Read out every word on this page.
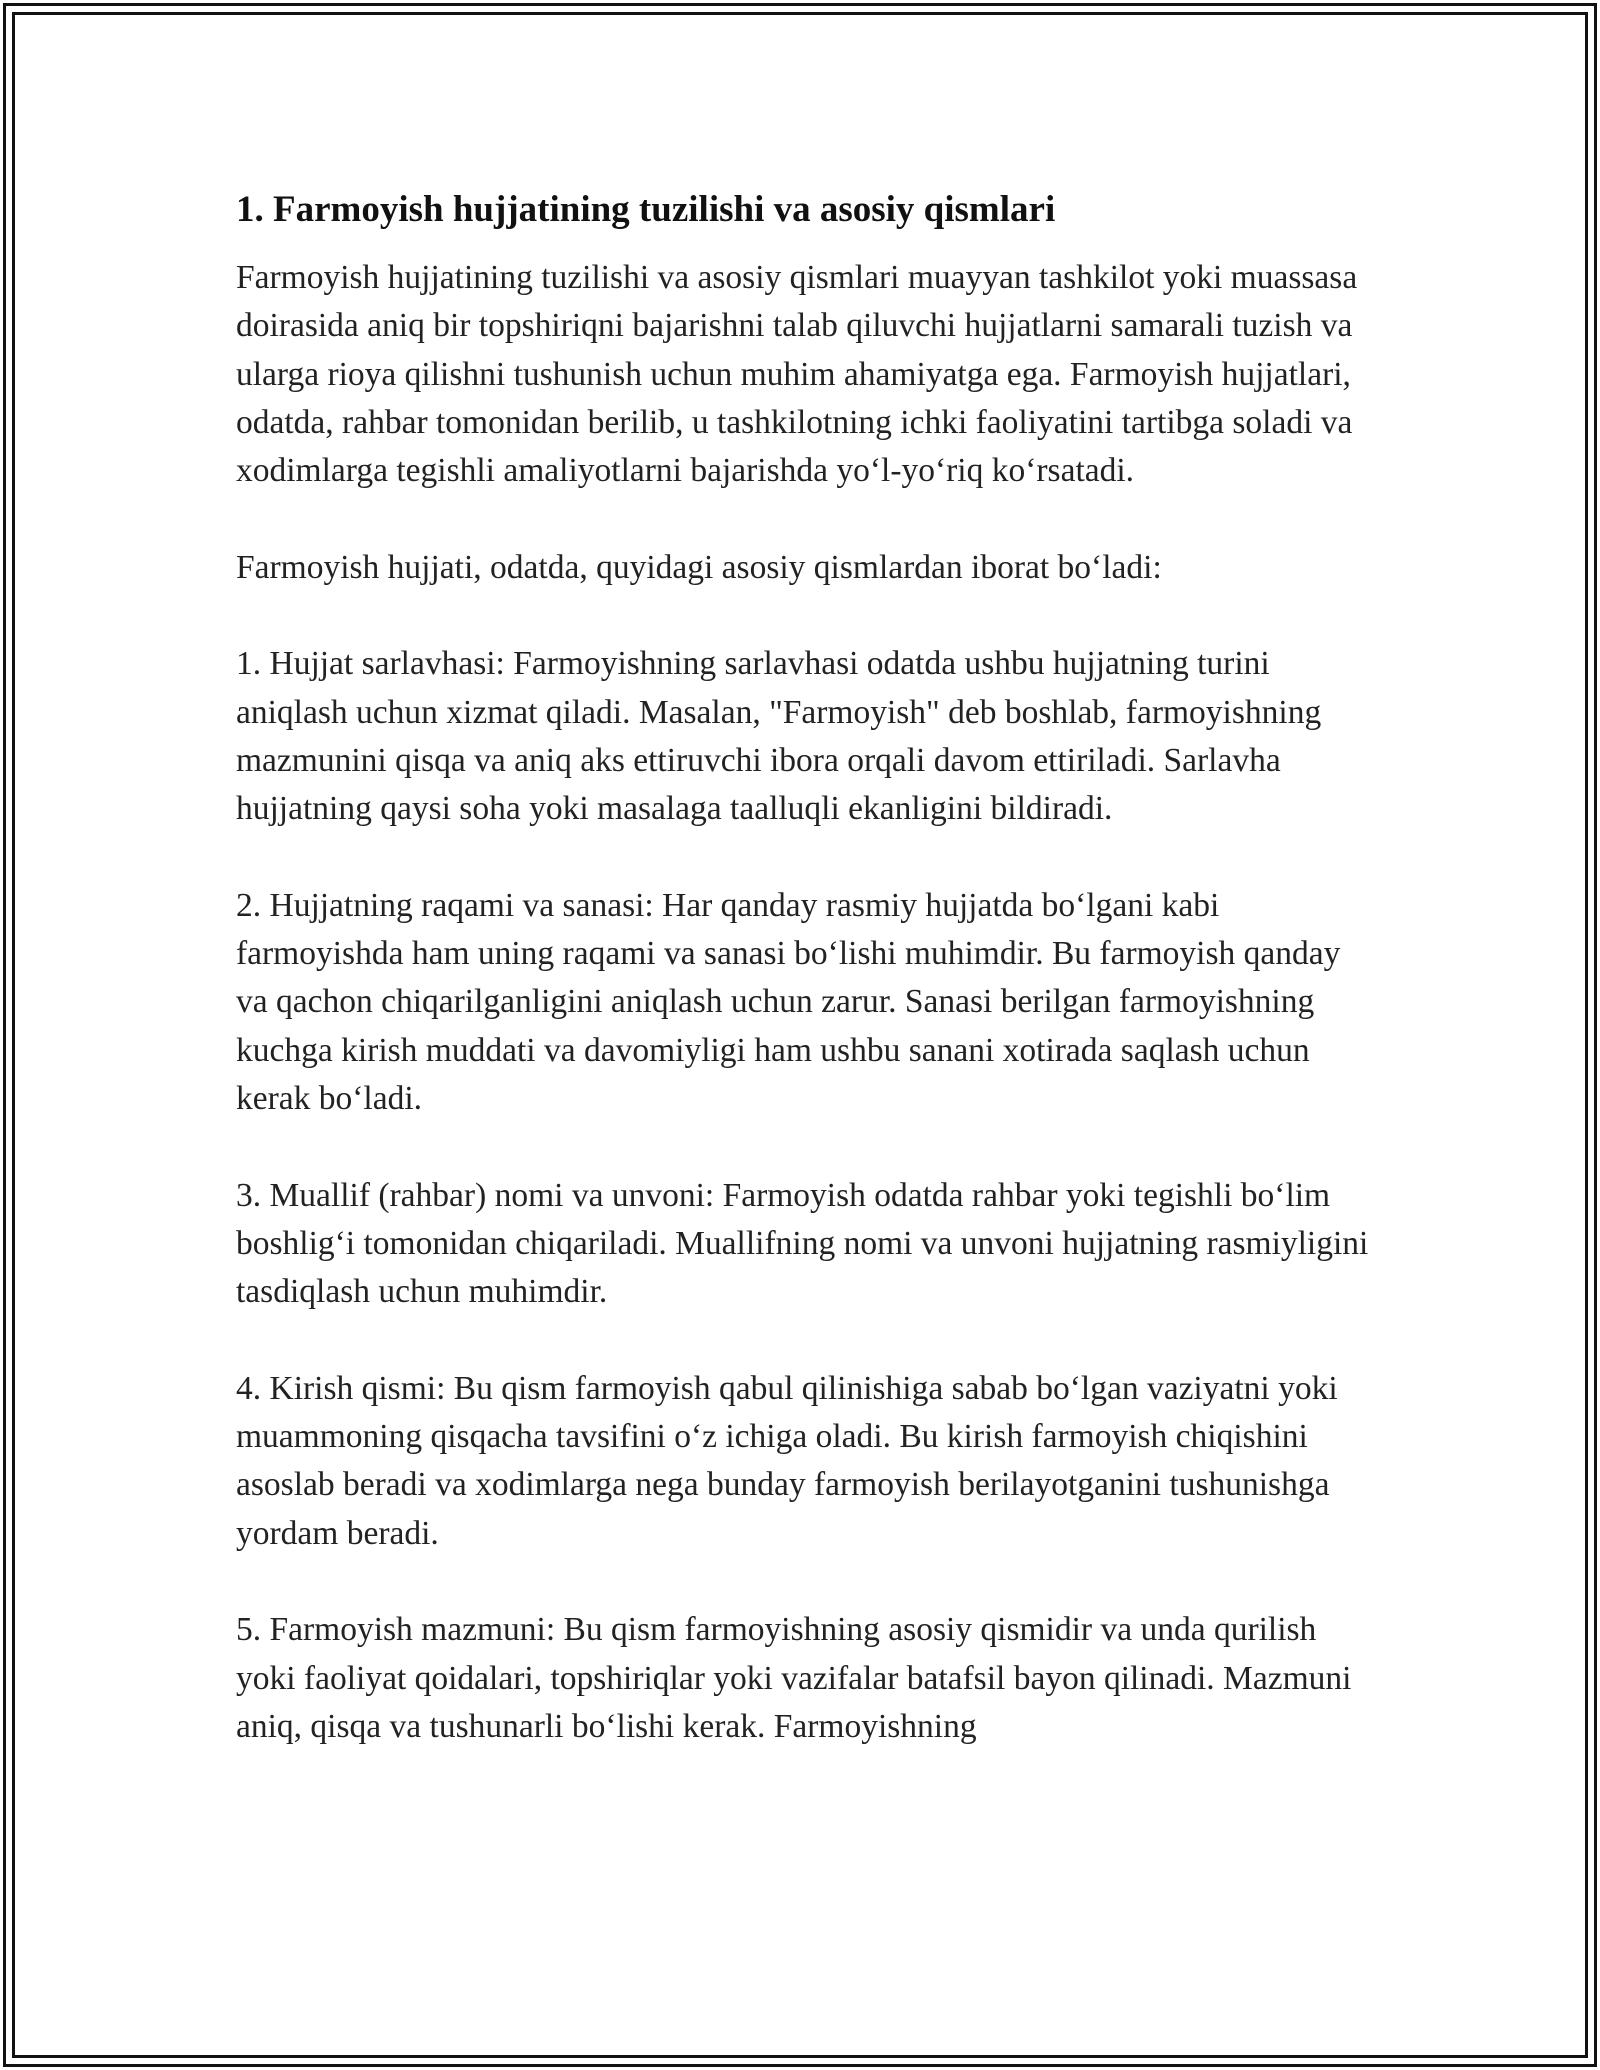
1. Farmoyish hujjatining tuzilishi va asosiy qismlari

Farmoyish hujjatining tuzilishi va asosiy qismlari muayyan tashkilot yoki muassasa doirasida aniq bir topshiriqni bajarishni talab qiluvchi hujjatlarni samarali tuzish va ularga rioya qilishni tushunish uchun muhim ahamiyatga ega. Farmoyish hujjatlari, odatda, rahbar tomonidan berilib, u tashkilotning ichki faoliyatini tartibga soladi va xodimlarga tegishli amaliyotlarni bajarishda yo‘l-yo‘riq ko‘rsatadi.

Farmoyish hujjati, odatda, quyidagi asosiy qismlardan iborat bo‘ladi:

1. Hujjat sarlavhasi: Farmoyishning sarlavhasi odatda ushbu hujjatning turini aniqlash uchun xizmat qiladi. Masalan, "Farmoyish" deb boshlab, farmoyishning mazmunini qisqa va aniq aks ettiruvchi ibora orqali davom ettiriladi. Sarlavha hujjatning qaysi soha yoki masalaga taalluqli ekanligini bildiradi.

2. Hujjatning raqami va sanasi: Har qanday rasmiy hujjatda bo‘lgani kabi farmoyishda ham uning raqami va sanasi bo‘lishi muhimdir. Bu farmoyish qanday va qachon chiqarilganligini aniqlash uchun zarur. Sanasi berilgan farmoyishning kuchga kirish muddati va davomiyligi ham ushbu sanani xotirada saqlash uchun kerak bo‘ladi.

3. Muallif (rahbar) nomi va unvoni: Farmoyish odatda rahbar yoki tegishli bo‘lim boshlig‘i tomonidan chiqariladi. Muallifning nomi va unvoni hujjatning rasmiyligini tasdiqlash uchun muhimdir.

4. Kirish qismi: Bu qism farmoyish qabul qilinishiga sabab bo‘lgan vaziyatni yoki muammoning qisqacha tavsifini o‘z ichiga oladi. Bu kirish farmoyish chiqishini asoslab beradi va xodimlarga nega bunday farmoyish berilayotganini tushunishga yordam beradi.

5. Farmoyish mazmuni: Bu qism farmoyishning asosiy qismidir va unda qurilish yoki faoliyat qoidalari, topshiriqlar yoki vazifalar batafsil bayon qilinadi. Mazmuni aniq, qisqa va tushunarli bo‘lishi kerak. Farmoyishning
